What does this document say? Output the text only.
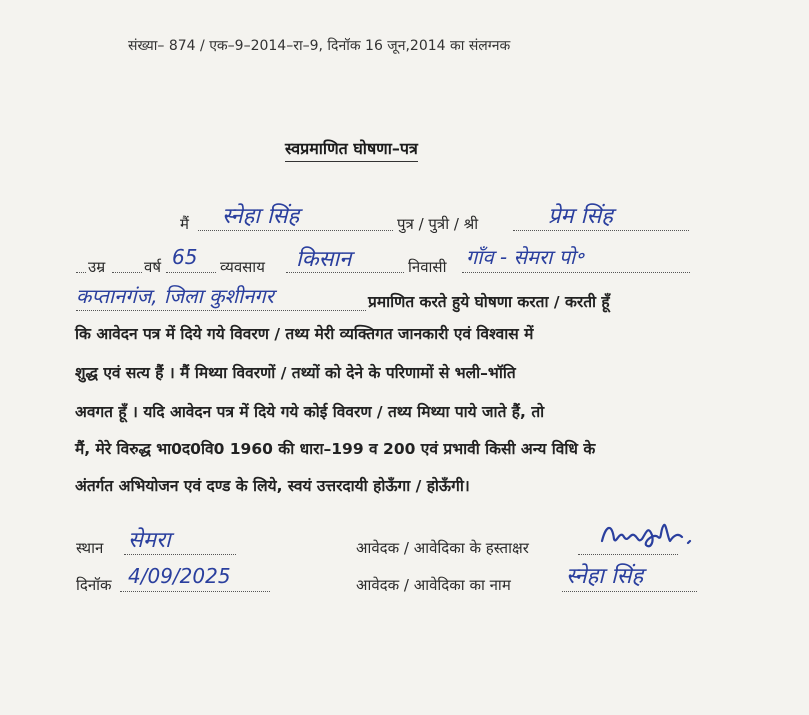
संख्या– 874 / एक–9–2014–रा–9, दिनॉक 16 जून,2014 का संलग्नक
स्वप्रमाणित घोषणा–पत्र
मैं स्नेहा सिंह	पुत्र / पुत्री / श्री	प्रेम सिंह
उम्र	वर्ष 65 व्यवसाय किसान	निवासी गाँव - सेमरा पो॰
कप्तानगंज, जिला कुशीनगर	प्रमाणित करते हुये घोषणा करता / करती हूँ
कि आवेदन पत्र में दिये गये विवरण / तथ्य मेरी व्यक्तिगत जानकारी एवं विश्वास में
शुद्ध एवं सत्य हैं । मैं मिथ्या विवरणों / तथ्यों को देने के परिणामों से भली–भॉति
अवगत हूँ । यदि आवेदन पत्र में दिये गये कोई विवरण / तथ्य मिथ्या पाये जाते हैं, तो
मैं, मेरे विरुद्ध भा0द0वि0 1960 की धारा–199 व 200 एवं प्रभावी किसी अन्य विधि के
अंतर्गत अभियोजन एवं दण्ड के लिये, स्वयं उत्तरदायी होऊँगा / होऊँगी।
स्थान सेमरा	आवेदक / आवेदिका के हस्ताक्षर
दिनॉक 4/09/2025	आवेदक / आवेदिका का नाम	स्नेहा सिंह
